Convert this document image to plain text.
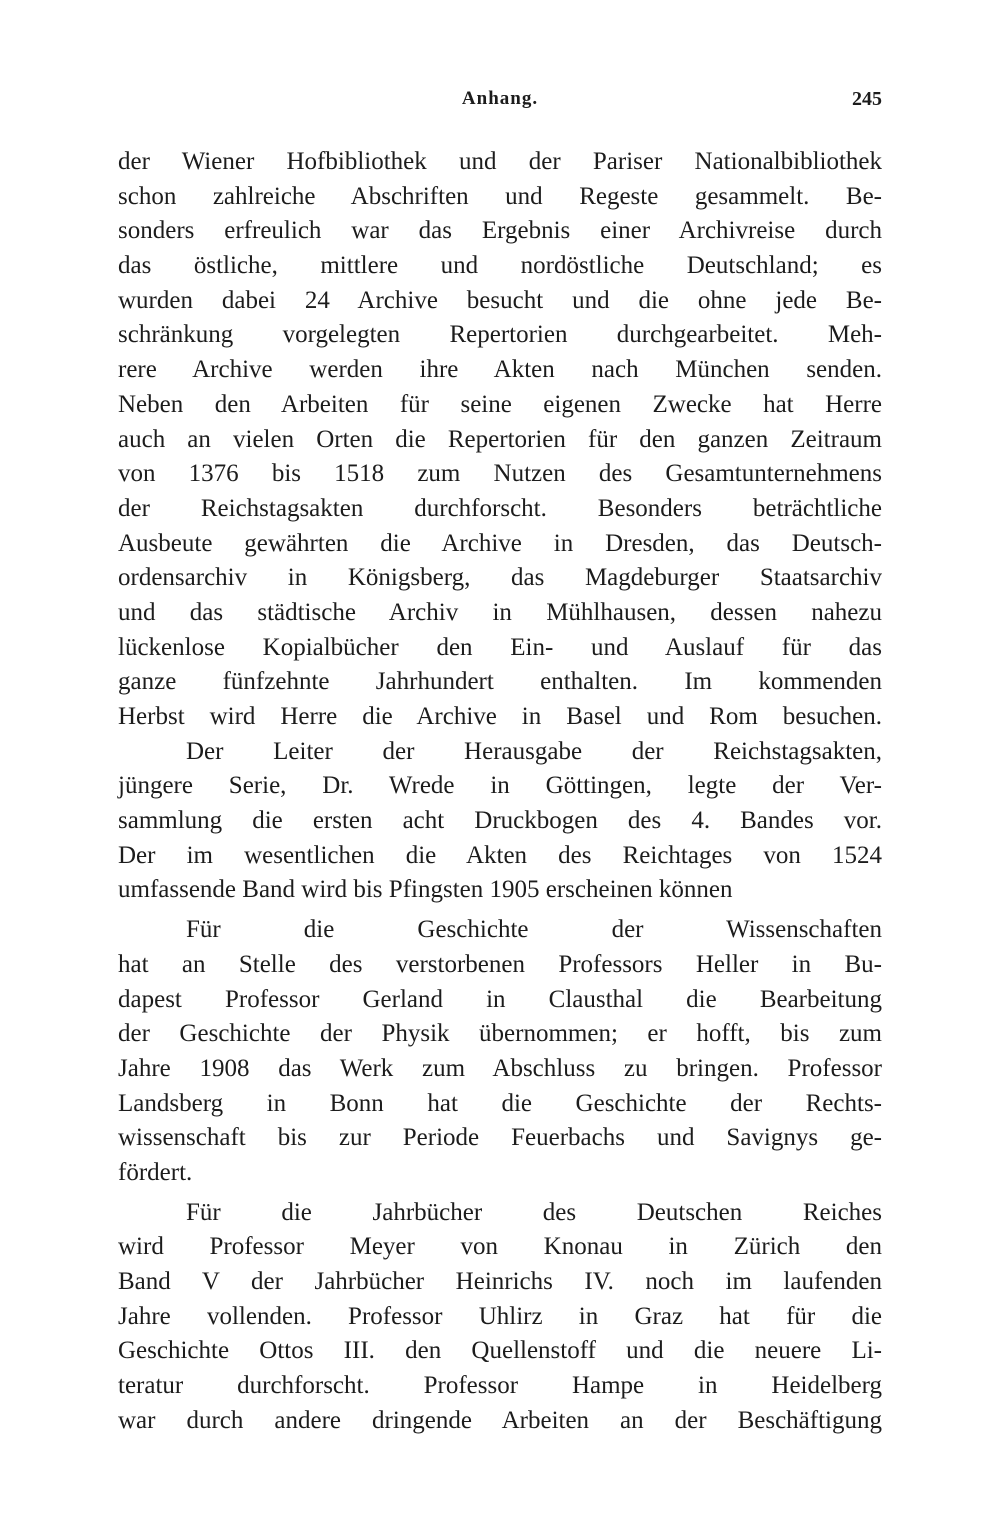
Anhang.	245
der Wiener Hofbibliothek und der Pariser Nationalbibliothek
schon zahlreiche Abschriften und Regeste gesammelt. Be-
sonders erfreulich war das Ergebnis einer Archivreise durch
das östliche, mittlere und nordöstliche Deutschland; es
wurden dabei 24 Archive besucht und die ohne jede Be-
schränkung vorgelegten Repertorien durchgearbeitet. Meh-
rere Archive werden ihre Akten nach München senden.
Neben den Arbeiten für seine eigenen Zwecke hat Herre
auch an vielen Orten die Repertorien für den ganzen Zeitraum
von 1376 bis 1518 zum Nutzen des Gesamtunternehmens
der Reichstagsakten durchforscht. Besonders beträchtliche
Ausbeute gewährten die Archive in Dresden, das Deutsch-
ordensarchiv in Königsberg, das Magdeburger Staatsarchiv
und das städtische Archiv in Mühlhausen, dessen nahezu
lückenlose Kopialbücher den Ein- und Auslauf für das
ganze fünfzehnte Jahrhundert enthalten. Im kommenden
Herbst wird Herre die Archive in Basel und Rom besuchen.
Der Leiter der Herausgabe der Reichstagsakten,
jüngere Serie, Dr. Wrede in Göttingen, legte der Ver-
sammlung die ersten acht Druckbogen des 4. Bandes vor.
Der im wesentlichen die Akten des Reichtages von 1524
umfassende Band wird bis Pfingsten 1905 erscheinen können
Für die Geschichte der Wissenschaften
hat an Stelle des verstorbenen Professors Heller in Bu-
dapest Professor Gerland in Clausthal die Bearbeitung
der Geschichte der Physik übernommen; er hofft, bis zum
Jahre 1908 das Werk zum Abschluss zu bringen. Professor
Landsberg in Bonn hat die Geschichte der Rechts-
wissenschaft bis zur Periode Feuerbachs und Savignys ge-
fördert.
Für die Jahrbücher des Deutschen Reiches
wird Professor Meyer von Knonau in Zürich den
Band V der Jahrbücher Heinrichs IV. noch im laufenden
Jahre vollenden. Professor Uhlirz in Graz hat für die
Geschichte Ottos III. den Quellenstoff und die neuere Li-
teratur durchforscht. Professor Hampe in Heidelberg
war durch andere dringende Arbeiten an der Beschäftigung
